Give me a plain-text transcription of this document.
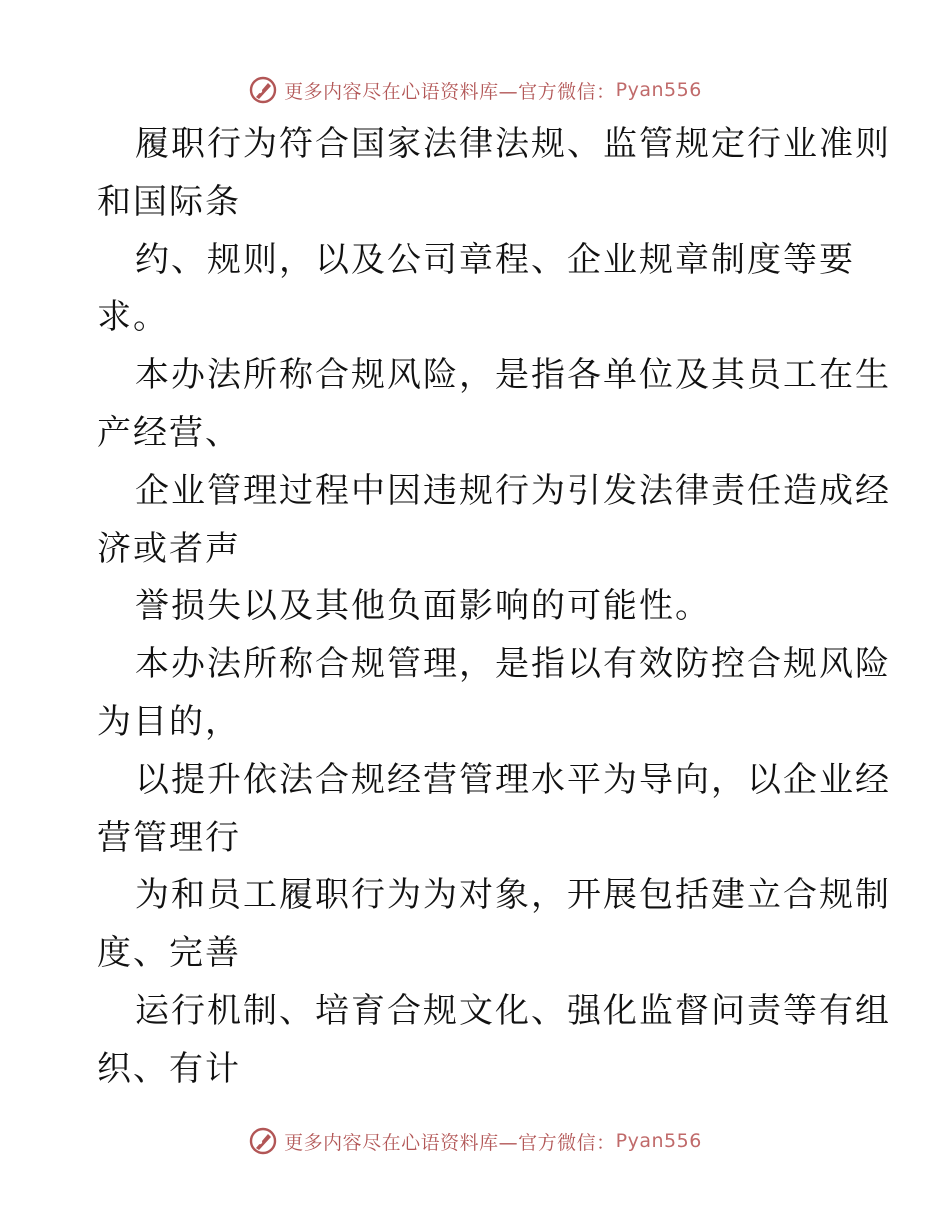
更多内容尽在心语资料库—官方微信： Pyan556
履职行为符合国家法律法规、监管规定行业准则
和国际条
约、规则，以及公司章程、企业规章制度等要
求。
本办法所称合规风险，是指各单位及其员工在生
产经营、
企业管理过程中因违规行为引发法律责任造成经
济或者声
誉损失以及其他负面影响的可能性。
本办法所称合规管理，是指以有效防控合规风险
为目的，
以提升依法合规经营管理水平为导向，以企业经
营管理行
为和员工履职行为为对象，开展包括建立合规制
度、完善
运行机制、培育合规文化、强化监督问责等有组
织、有计
更多内容尽在心语资料库—官方微信： Pyan556
